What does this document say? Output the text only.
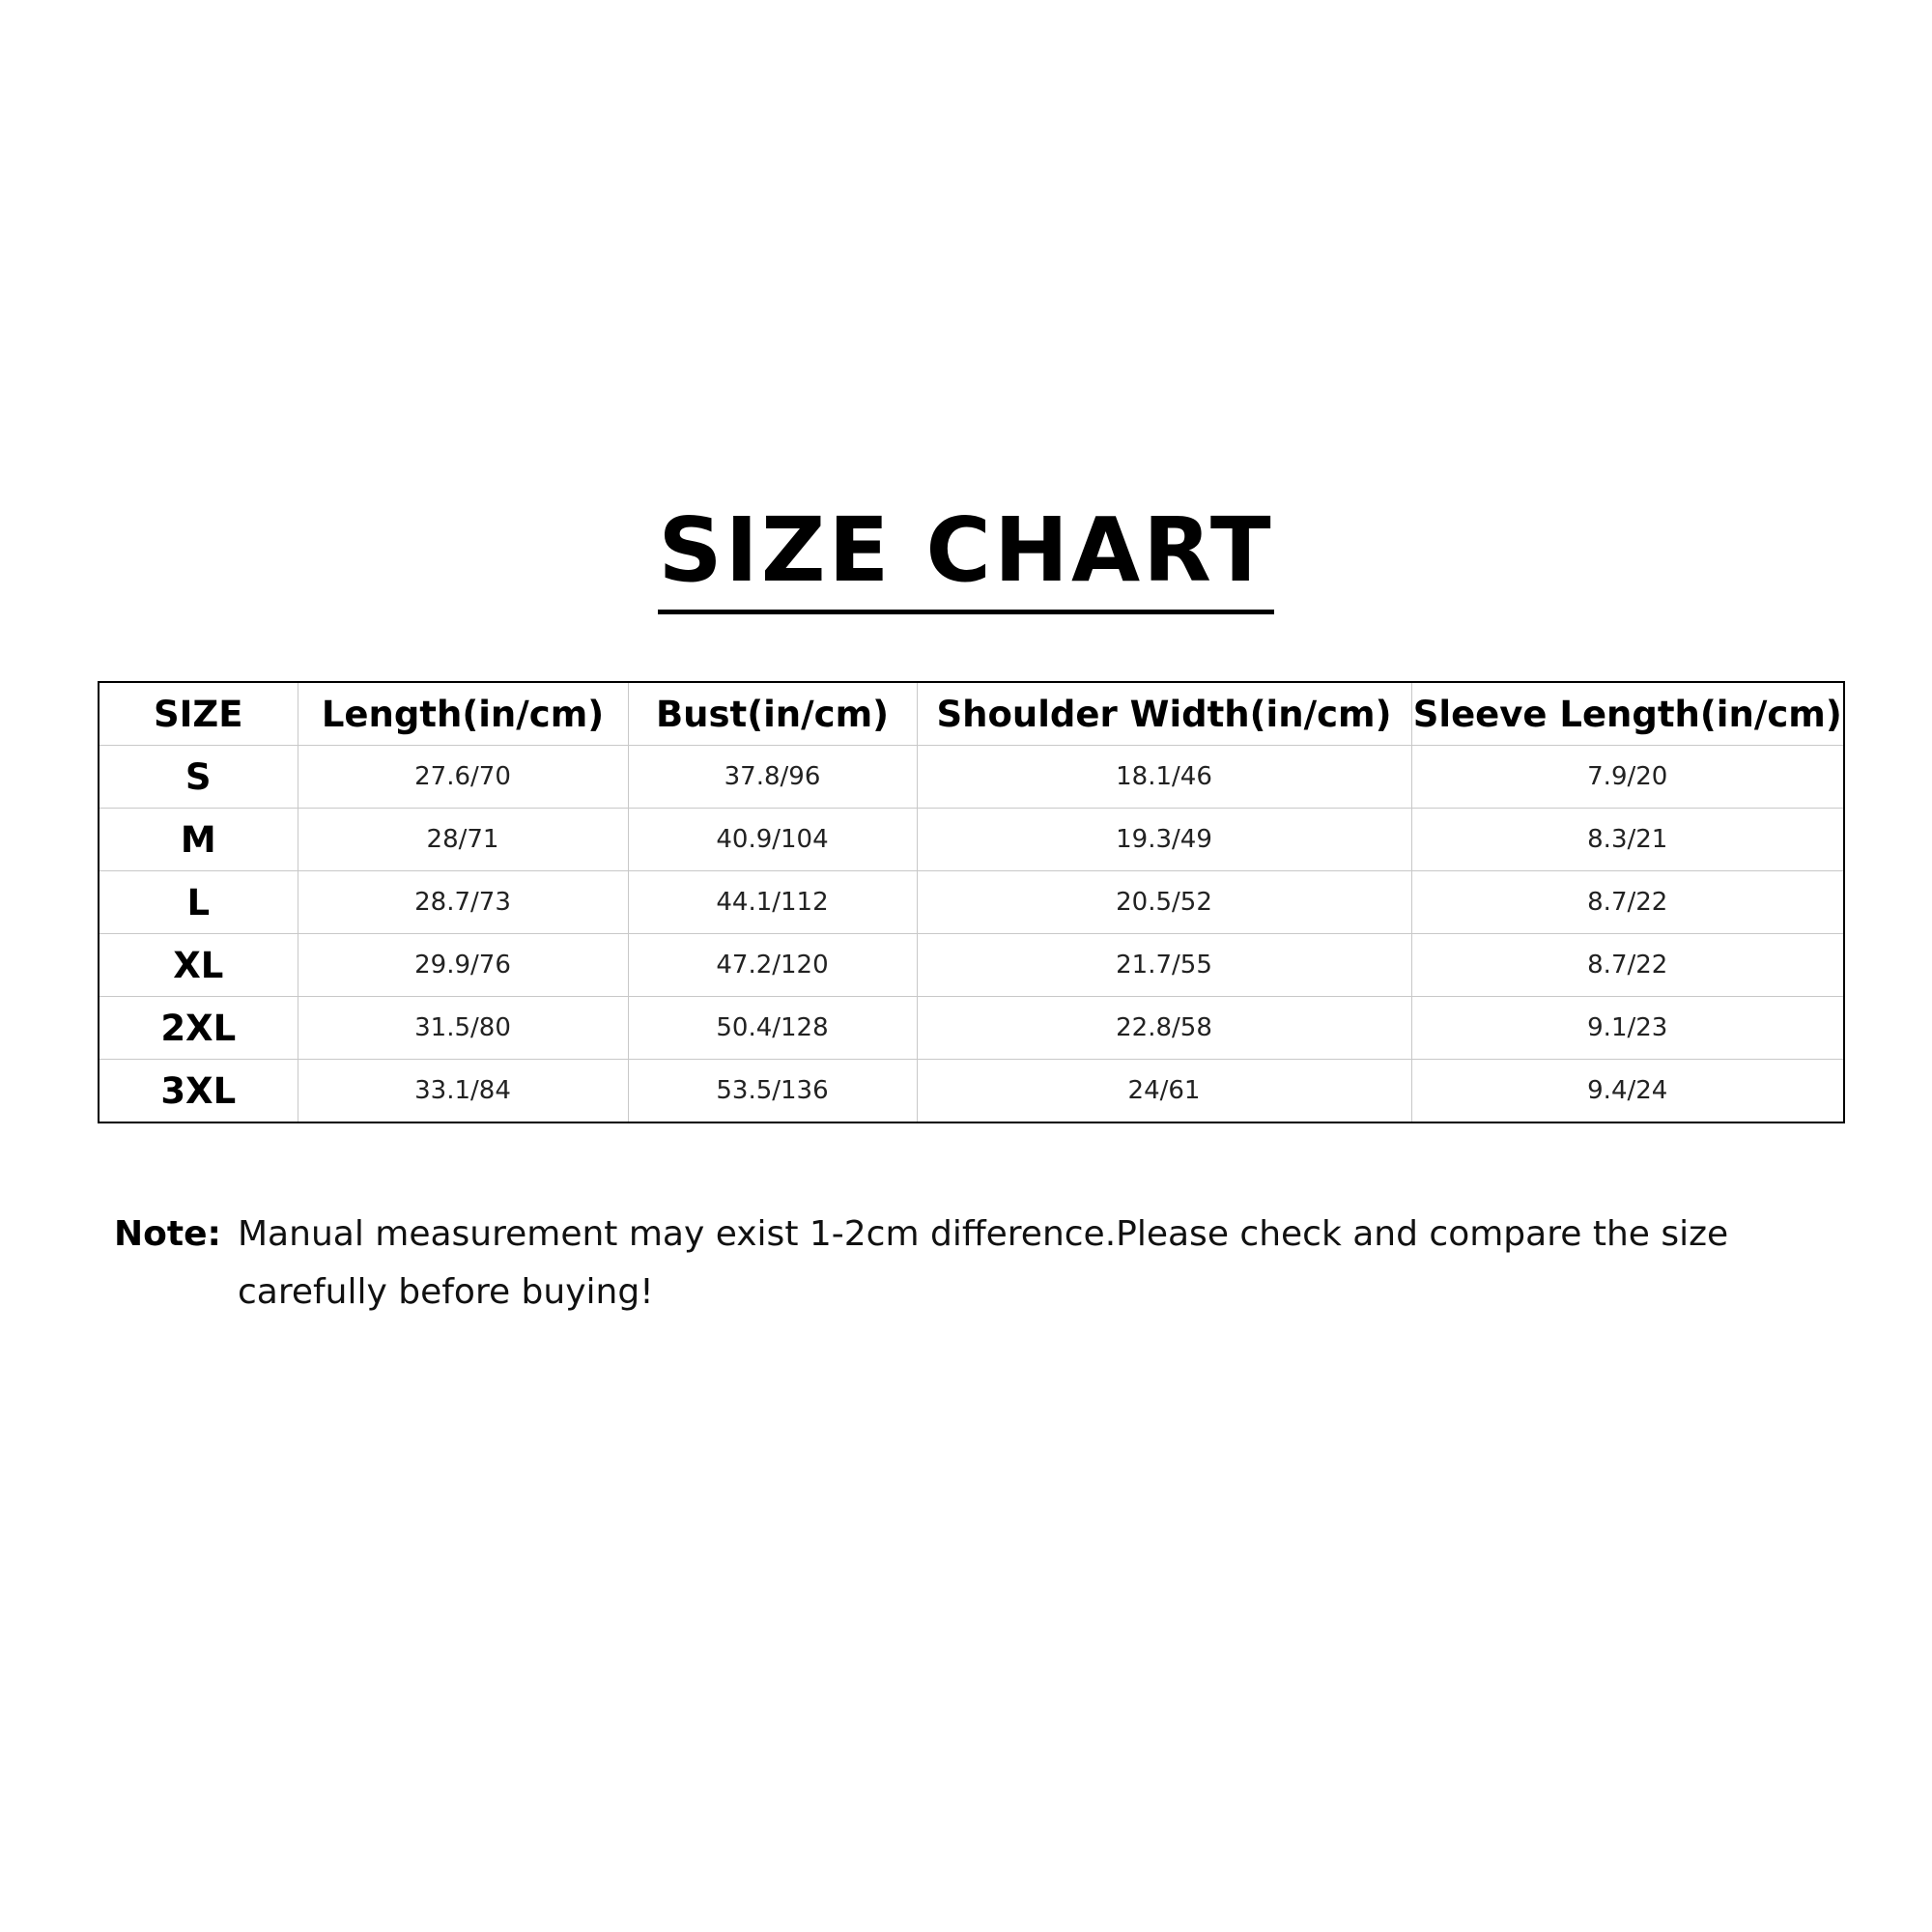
SIZE CHART
SIZE	Length(in/cm)	Bust(in/cm)	Shoulder Width(in/cm)	Sleeve Length(in/cm)
S	27.6/70	37.8/96	18.1/46	7.9/20
M	28/71	40.9/104	19.3/49	8.3/21
L	28.7/73	44.1/112	20.5/52	8.7/22
XL	29.9/76	47.2/120	21.7/55	8.7/22
2XL	31.5/80	50.4/128	22.8/58	9.1/23
3XL	33.1/84	53.5/136	24/61	9.4/24
Note: Manual measurement may exist 1-2cm difference.Please check and compare the size carefully before buying!
